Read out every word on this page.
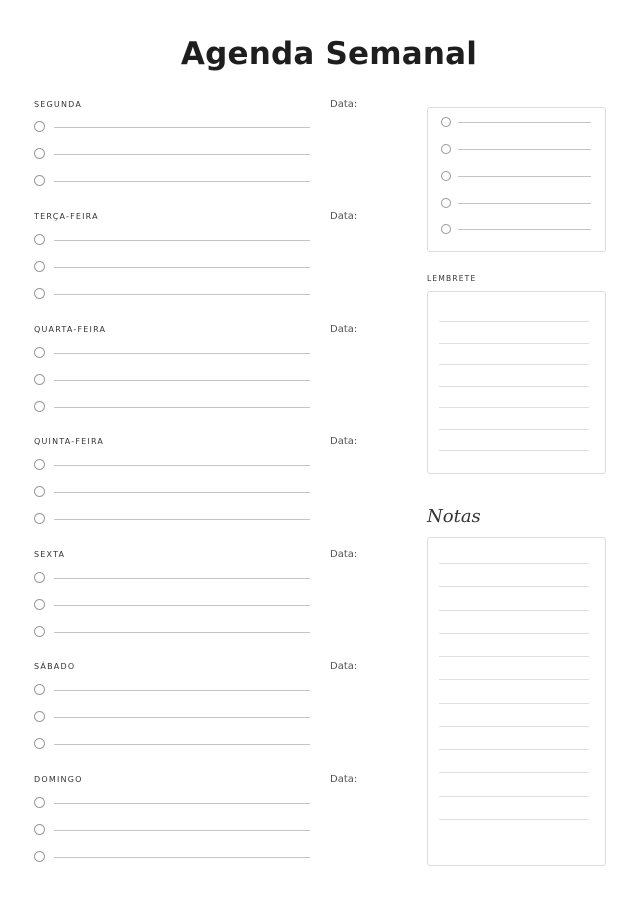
Agenda Semanal
SEGUNDA	Data:
TERÇA-FEIRA	Data:
QUARTA-FEIRA	Data:
QUINTA-FEIRA	Data:
SEXTA	Data:
SÁBADO	Data:
DOMINGO	Data:
LEMBRETE
Notas
